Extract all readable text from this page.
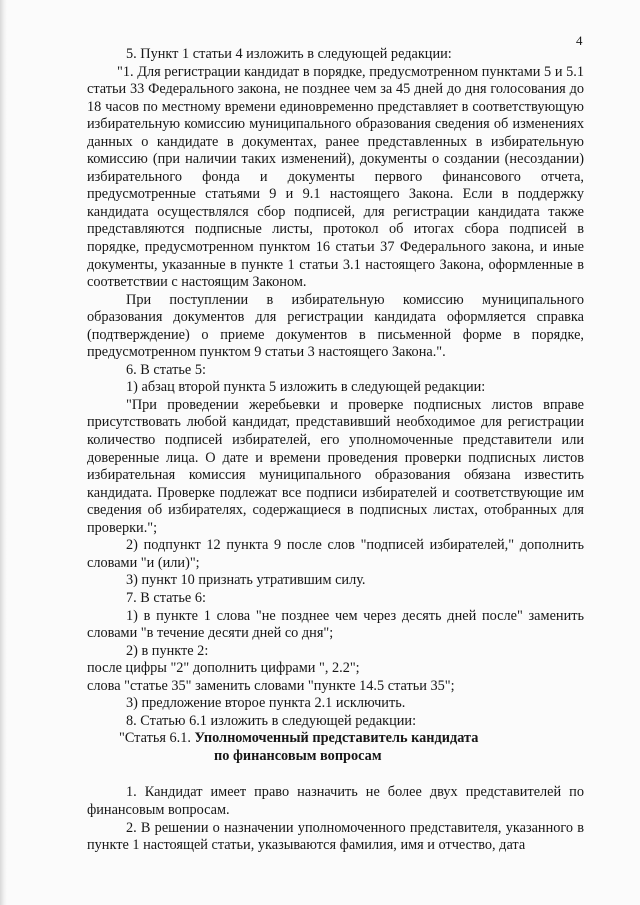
4

5. Пункт 1 статьи 4 изложить в следующей редакции:

"1. Для регистрации кандидат в порядке, предусмотренном пунктами 5 и 5.1 статьи 33 Федерального закона, не позднее чем за 45 дней до дня голосования до 18 часов по местному времени единовременно представляет в соответствующую избирательную комиссию муниципального образования сведения об изменениях данных о кандидате в документах, ранее представленных в избирательную комиссию (при наличии таких изменений), документы о создании (несоздании) избирательного фонда и документы первого финансового отчета, предусмотренные статьями 9 и 9.1 настоящего Закона. Если в поддержку кандидата осуществлялся сбор подписей, для регистрации кандидата также представляются подписные листы, протокол об итогах сбора подписей в порядке, предусмотренном пунктом 16 статьи 37 Федерального закона, и иные документы, указанные в пункте 1 статьи 3.1 настоящего Закона, оформленные в соответствии с настоящим Законом.

При поступлении в избирательную комиссию муниципального образования документов для регистрации кандидата оформляется справка (подтверждение) о приеме документов в письменной форме в порядке, предусмотренном пунктом 9 статьи 3 настоящего Закона.".

6. В статье 5:

1) абзац второй пункта 5 изложить в следующей редакции:

"При проведении жеребьевки и проверке подписных листов вправе присутствовать любой кандидат, представивший необходимое для регистрации количество подписей избирателей, его уполномоченные представители или доверенные лица. О дате и времени проведения проверки подписных листов избирательная комиссия муниципального образования обязана известить кандидата. Проверке подлежат все подписи избирателей и соответствующие им сведения об избирателях, содержащиеся в подписных листах, отобранных для проверки.";

2) подпункт 12 пункта 9 после слов "подписей избирателей," дополнить словами "и (или)";

3) пункт 10 признать утратившим силу.

7. В статье 6:

1) в пункте 1 слова "не позднее чем через десять дней после" заменить словами "в течение десяти дней со дня";

2) в пункте 2:

после цифры "2" дополнить цифрами ", 2.2";

слова "статье 35" заменить словами "пункте 14.5 статьи 35";

3) предложение второе пункта 2.1 исключить.

8. Статью 6.1 изложить в следующей редакции:

"Статья 6.1. Уполномоченный представитель кандидата
по финансовым вопросам

1. Кандидат имеет право назначить не более двух представителей по финансовым вопросам.

2. В решении о назначении уполномоченного представителя, указанного в пункте 1 настоящей статьи, указываются фамилия, имя и отчество, дата
